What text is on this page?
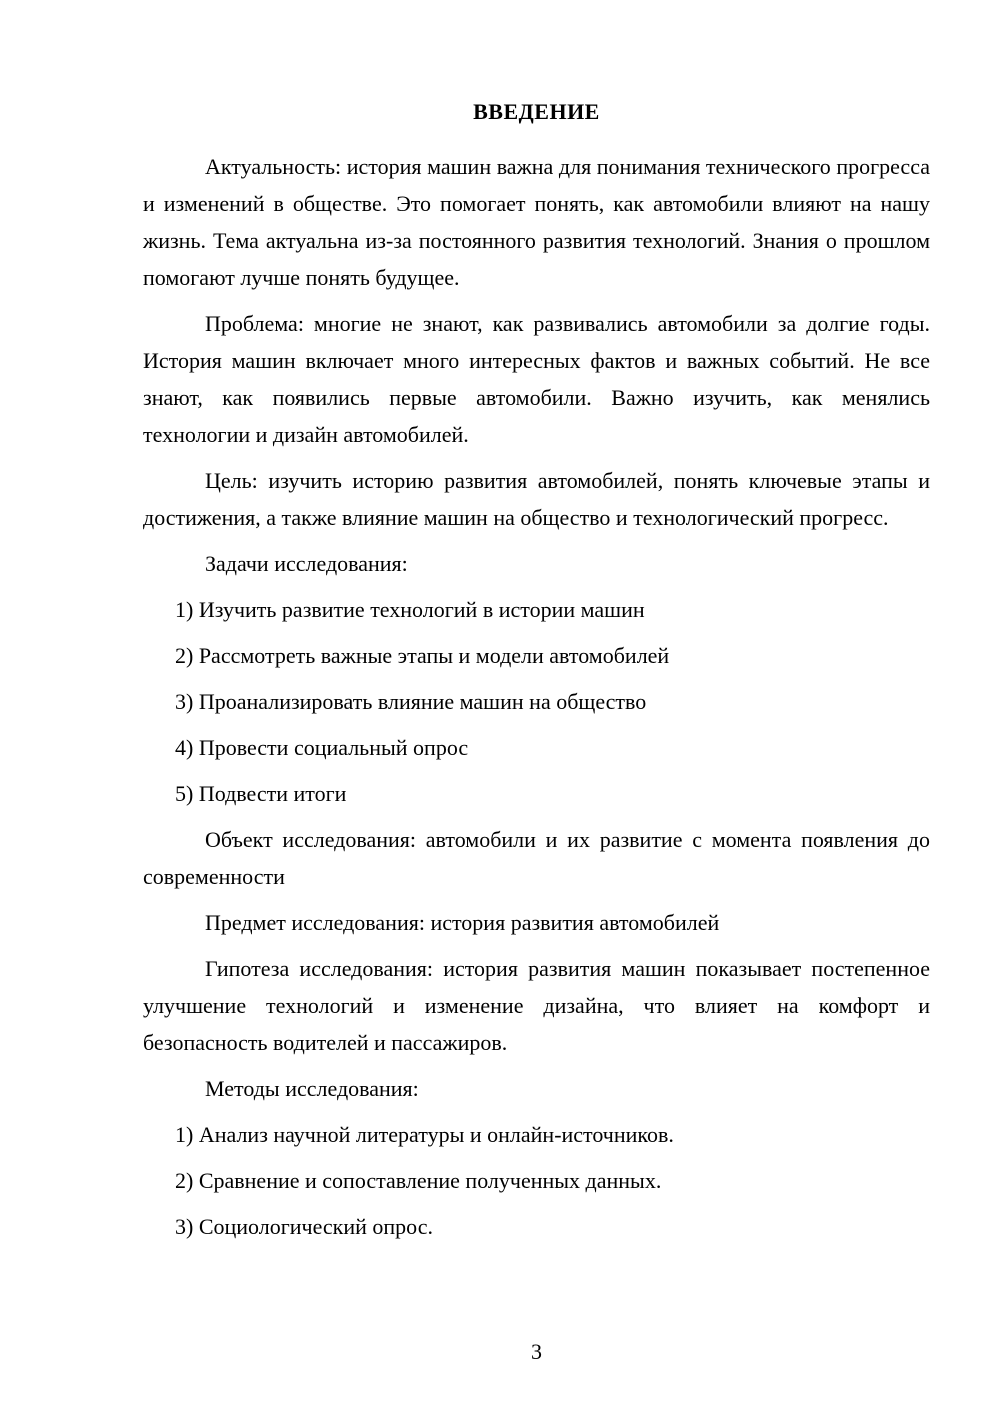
ВВЕДЕНИЕ

Актуальность: история машин важна для понимания технического прогресса и изменений в обществе. Это помогает понять, как автомобили влияют на нашу жизнь. Тема актуальна из-за постоянного развития технологий. Знания о прошлом помогают лучше понять будущее.

Проблема: многие не знают, как развивались автомобили за долгие годы. История машин включает много интересных фактов и важных событий. Не все знают, как появились первые автомобили. Важно изучить, как менялись технологии и дизайн автомобилей.

Цель: изучить историю развития автомобилей, понять ключевые этапы и достижения, а также влияние машин на общество и технологический прогресс.

Задачи исследования:

1) Изучить развитие технологий в истории машин
2) Рассмотреть важные этапы и модели автомобилей
3) Проанализировать влияние машин на общество
4) Провести социальный опрос
5) Подвести итоги

Объект исследования: автомобили и их развитие с момента появления до современности

Предмет исследования: история развития автомобилей

Гипотеза исследования: история развития машин показывает постепенное улучшение технологий и изменение дизайна, что влияет на комфорт и безопасность водителей и пассажиров.

Методы исследования:

1) Анализ научной литературы и онлайн-источников.
2) Сравнение и сопоставление полученных данных.
3) Социологический опрос.
3
